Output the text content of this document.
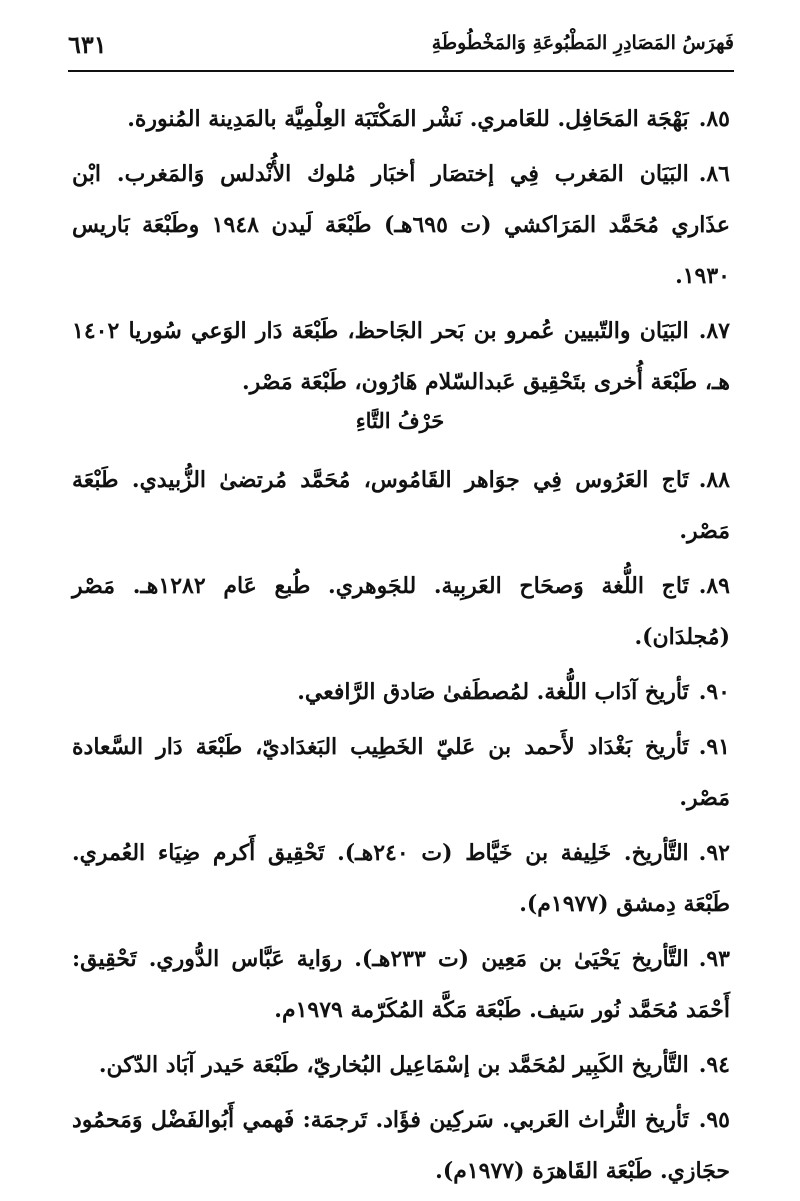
فَهرَسُ المَصَادِرِ المَطْبُوعَةِ وَالمَخْطُوطَةِ
٦٣١

٨٥.بَهْجَة المَحَافِل. للعَامري. نَشْر المَكْتَبَة العِلْمِيَّة بالمَدِينة المُنورة.

٨٦.البَيَان المَغرب فِي إختصَار أخبَار مُلوك الأُنْدلس وَالمَغرب. ابْن عذَاري مُحَمَّد المَرَاكشي (ت ٦٩٥هـ) طَبْعَة لَيدن ١٩٤٨ وطَبْعَة بَاريس ١٩٣٠.

٨٧.البَيَان والتّبيين عُمرو بن بَحر الجَاحظ، طَبْعَة دَار الوَعي سُوريا ١٤٠٢ هـ، طَبْعَة أُخرى بتَحْقِيق عَبدالسّلام هَارُون، طَبْعَة مَصْر.

حَرْفُ التَّاءِ

٨٨.تَاج العَرُوس فِي جوَاهر القَامُوس، مُحَمَّد مُرتضىٰ الزُّبيدي. طَبْعَة مَصْر.

٨٩.تَاج اللُّغة وَصحَاح العَربِية. للجَوهري. طُبع عَام ١٢٨٢هـ. مَصْر (مُجلدَان).

٩٠.تَأريخ آدَاب اللُّغة. لمُصطَفىٰ صَادق الرَّافعي.

٩١.تَأريخ بَغْدَاد لأَحمد بن عَليّ الخَطِيب البَغدَاديّ، طَبْعَة دَار السَّعادة مَصْر.

٩٢.التَّأريخ. خَلِيفة بن خَيَّاط (ت ٢٤٠هـ). تَحْقِيق أَكرم ضِيَاء العُمري. طَبْعَة دِمشق (١٩٧٧م).

٩٣.التَّأريخ يَحْيَىٰ بن مَعِين (ت ٢٣٣هـ). روَاية عَبَّاس الدُّوري. تَحْقِيق: أَحْمَد مُحَمَّد نُور سَيف. طَبْعَة مَكَّة المُكَرّمة ١٩٧٩م.

٩٤.التَّأريخ الكَبِير لمُحَمَّد بن إسْمَاعِيل البُخاريّ، طَبْعَة حَيدر آبَاد الدّكن.

٩٥.تَأريخ التُّراث العَربي. سَركِين فؤَاد. تَرجمَة: فَهمي أَبُوالفَضْل وَمَحمُود حجَازي. طَبْعَة القَاهرَة (١٩٧٧م).
